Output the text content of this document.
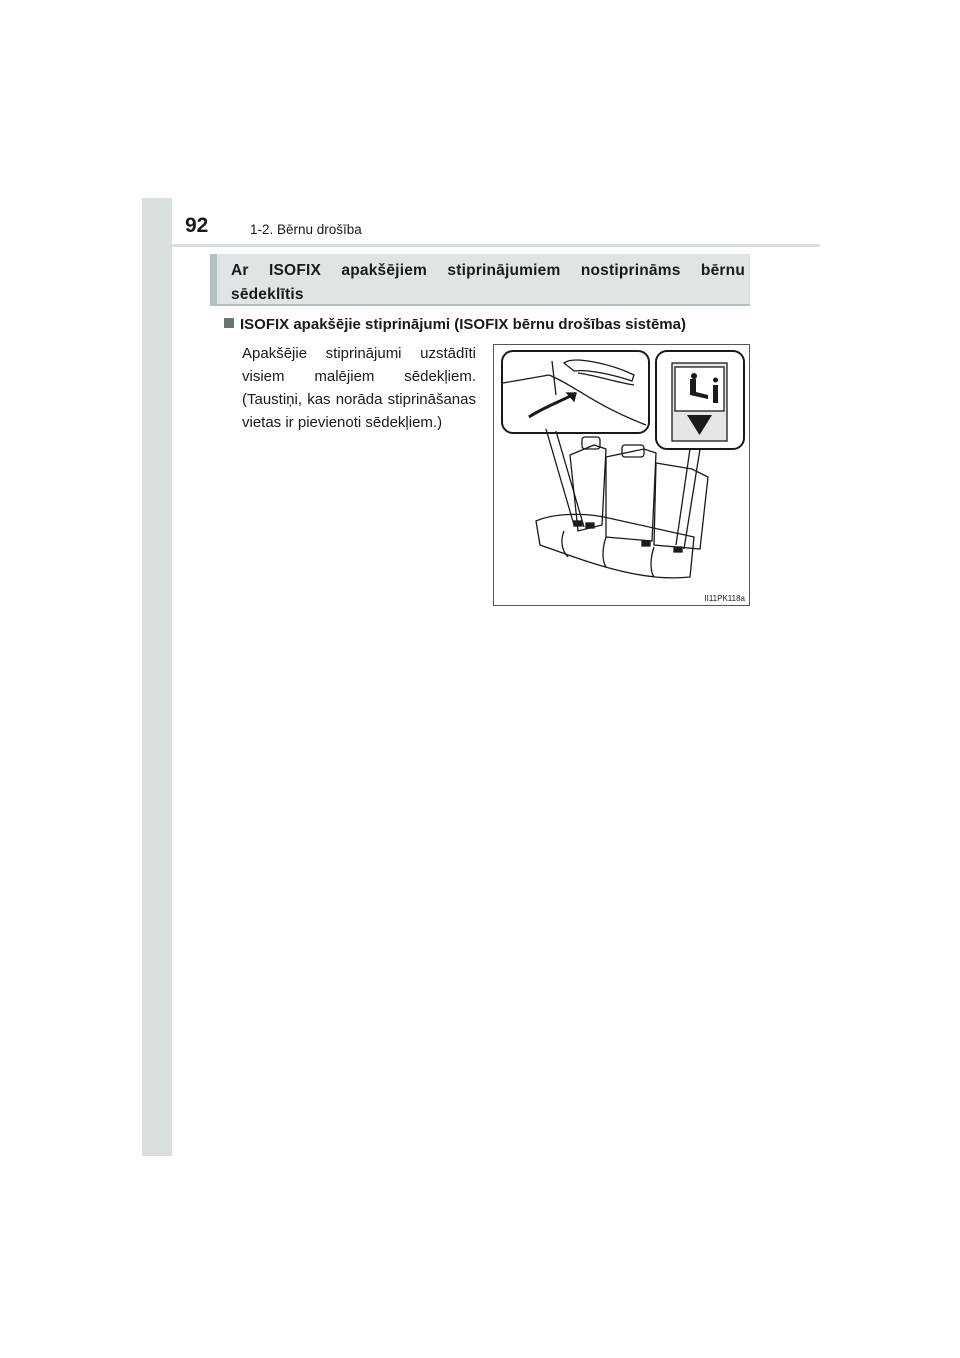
92	1-2. Bērnu drošība

Ar ISOFIX apakšējiem stiprinājumiem nostiprināms bērnu sēdeklītis

ISOFIX apakšējie stiprinājumi (ISOFIX bērnu drošības sistēma)

Apakšējie stiprinājumi uzstādīti visiem malējiem sēdekļiem. (Taustiņi, kas norāda stiprināšanas vietas ir pievienoti sēdekļiem.)

II11PK118a
